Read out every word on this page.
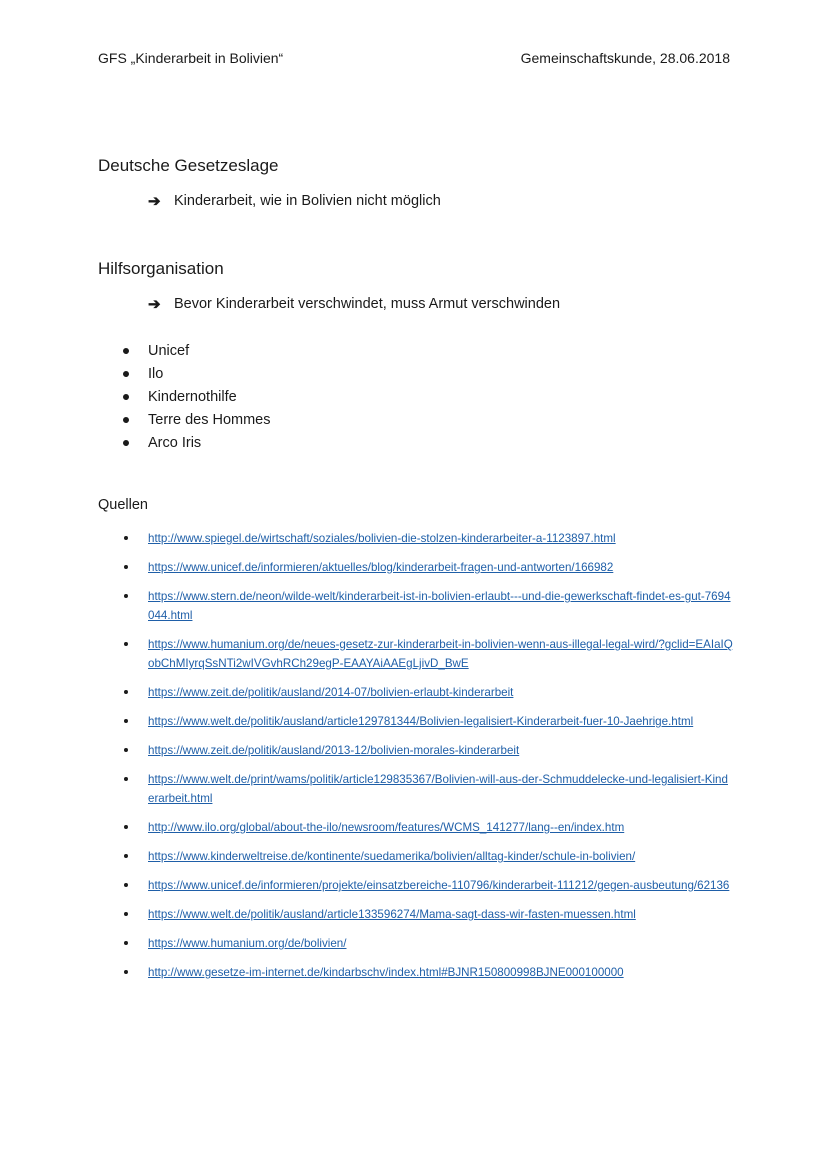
GFS „Kinderarbeit in Bolivien“	Gemeinschaftskunde, 28.06.2018
Deutsche Gesetzeslage
➔ Kinderarbeit, wie in Bolivien nicht möglich
Hilfsorganisation
➔ Bevor Kinderarbeit verschwindet, muss Armut verschwinden
Unicef
Ilo
Kindernothilfe
Terre des Hommes
Arco Iris
Quellen
http://www.spiegel.de/wirtschaft/soziales/bolivien-die-stolzen-kinderarbeiter-a-1123897.html
https://www.unicef.de/informieren/aktuelles/blog/kinderarbeit-fragen-und-antworten/166982
https://www.stern.de/neon/wilde-welt/kinderarbeit-ist-in-bolivien-erlaubt---und-die-gewerkschaft-findet-es-gut-7694044.html
https://www.humanium.org/de/neues-gesetz-zur-kinderarbeit-in-bolivien-wenn-aus-illegal-legal-wird/?gclid=EAIaIQobChMIyrqSsNTi2wIVGvhRCh29egP-EAAYAiAAEgLjivD_BwE
https://www.zeit.de/politik/ausland/2014-07/bolivien-erlaubt-kinderarbeit
https://www.welt.de/politik/ausland/article129781344/Bolivien-legalisiert-Kinderarbeit-fuer-10-Jaehrige.html
https://www.zeit.de/politik/ausland/2013-12/bolivien-morales-kinderarbeit
https://www.welt.de/print/wams/politik/article129835367/Bolivien-will-aus-der-Schmuddelecke-und-legalisiert-Kinderarbeit.html
http://www.ilo.org/global/about-the-ilo/newsroom/features/WCMS_141277/lang--en/index.htm
https://www.kinderweltreise.de/kontinente/suedamerika/bolivien/alltag-kinder/schule-in-bolivien/
https://www.unicef.de/informieren/projekte/einsatzbereiche-110796/kinderarbeit-111212/gegen-ausbeutung/62136
https://www.welt.de/politik/ausland/article133596274/Mama-sagt-dass-wir-fasten-muessen.html
https://www.humanium.org/de/bolivien/
http://www.gesetze-im-internet.de/kindarbschv/index.html#BJNR150800998BJNE000100000
